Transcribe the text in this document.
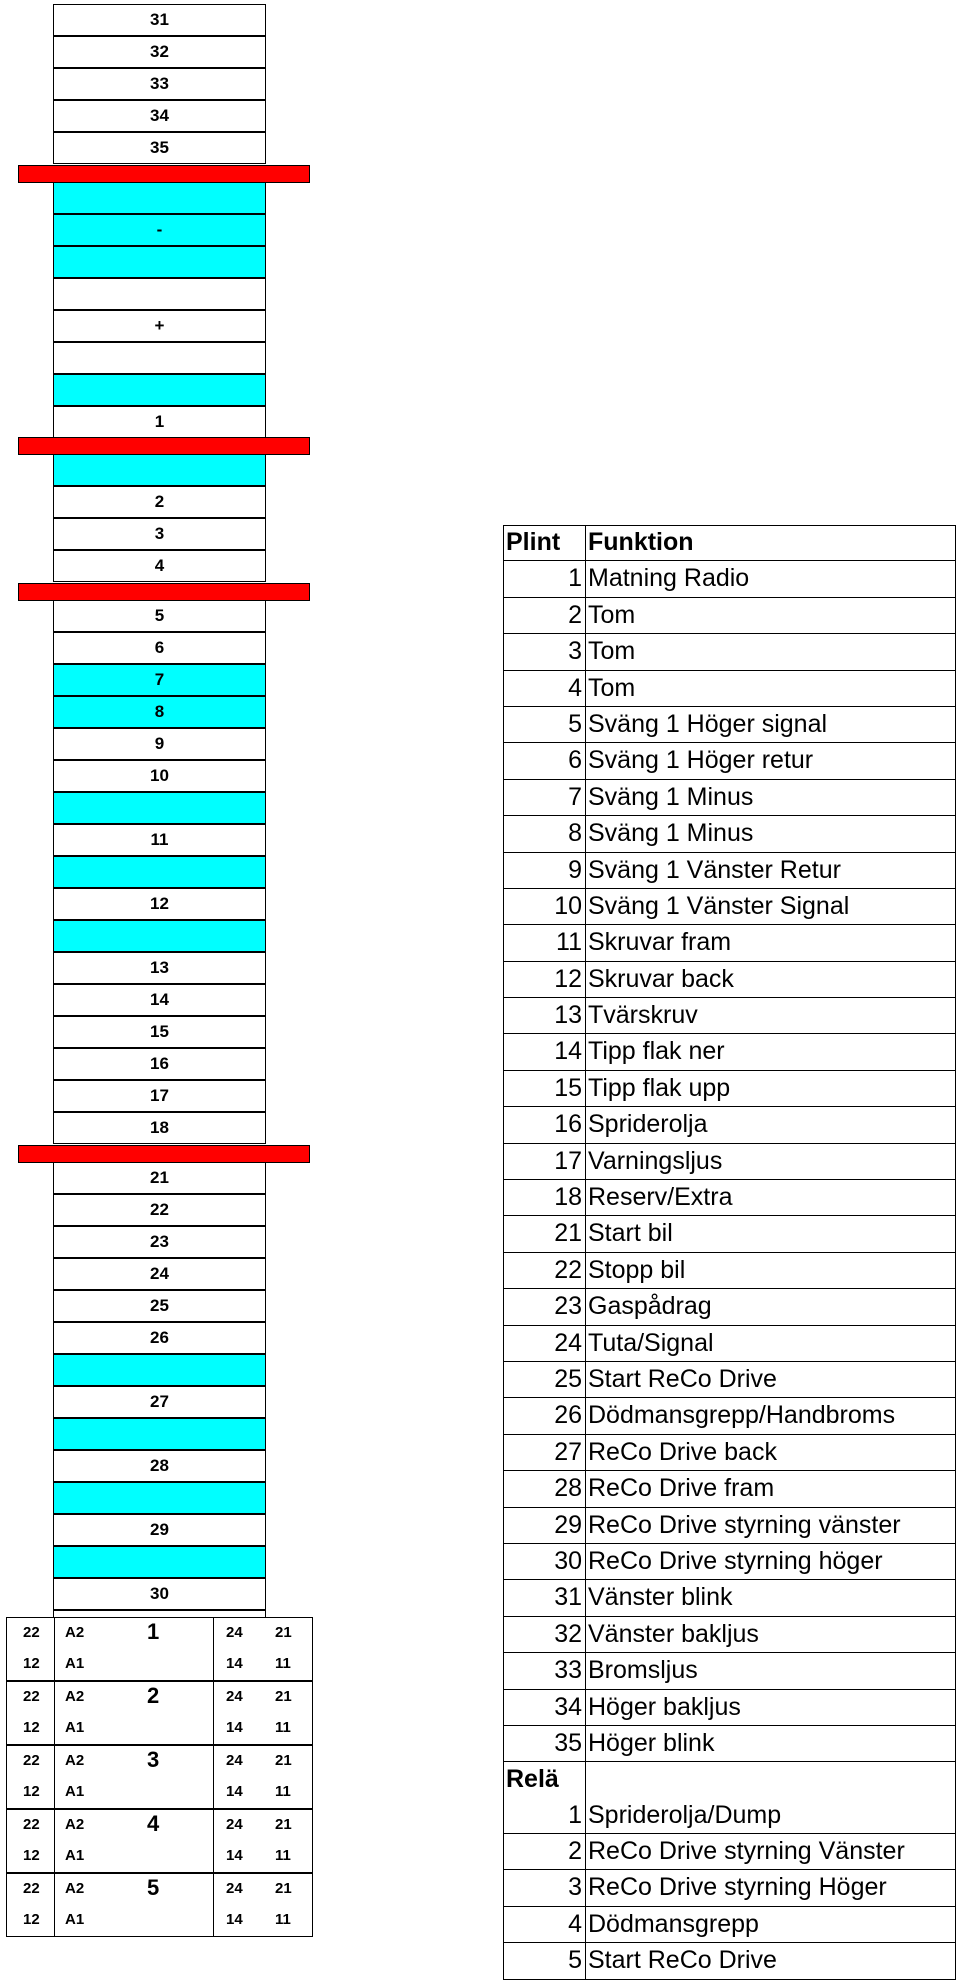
31
32
33
34
35
-
+
1
2
3
4
5
6
7
8
9
10
11
12
13
14
15
16
17
18
21
22
23
24
25
26
27
28
29
30
22 A2	24 21
1
12 A1	14 11
22 A2	24 21
2
12 A1	14 11
22 A2	24 21
3
12 A1	14 11
22 A2	24 21
4
12 A1	14 11
22 A2	24 21
5
12 A1	14 11
Plint	Funktion
1 Matning Radio
2 Tom
3 Tom
4 Tom
5 Sväng 1 Höger signal
6 Sväng 1 Höger retur
7 Sväng 1 Minus
8 Sväng 1 Minus
9 Sväng 1 Vänster Retur
10 Sväng 1 Vänster Signal
11 Skruvar fram
12 Skruvar back
13 Tvärskruv
14 Tipp flak ner
15 Tipp flak upp
16 Spriderolja
17 Varningsljus
18 Reserv/Extra
21 Start bil
22 Stopp bil
23 Gaspådrag
24 Tuta/Signal
25 Start ReCo Drive
26 Dödmansgrepp/Handbroms
27 ReCo Drive back
28 ReCo Drive fram
29 ReCo Drive styrning vänster
30 ReCo Drive styrning höger
31 Vänster blink
32 Vänster bakljus
33 Bromsljus
34 Höger bakljus
35 Höger blink
Relä
1 Spriderolja/Dump
2 ReCo Drive styrning Vänster
3 ReCo Drive styrning Höger
4 Dödmansgrepp
5 Start ReCo Drive
